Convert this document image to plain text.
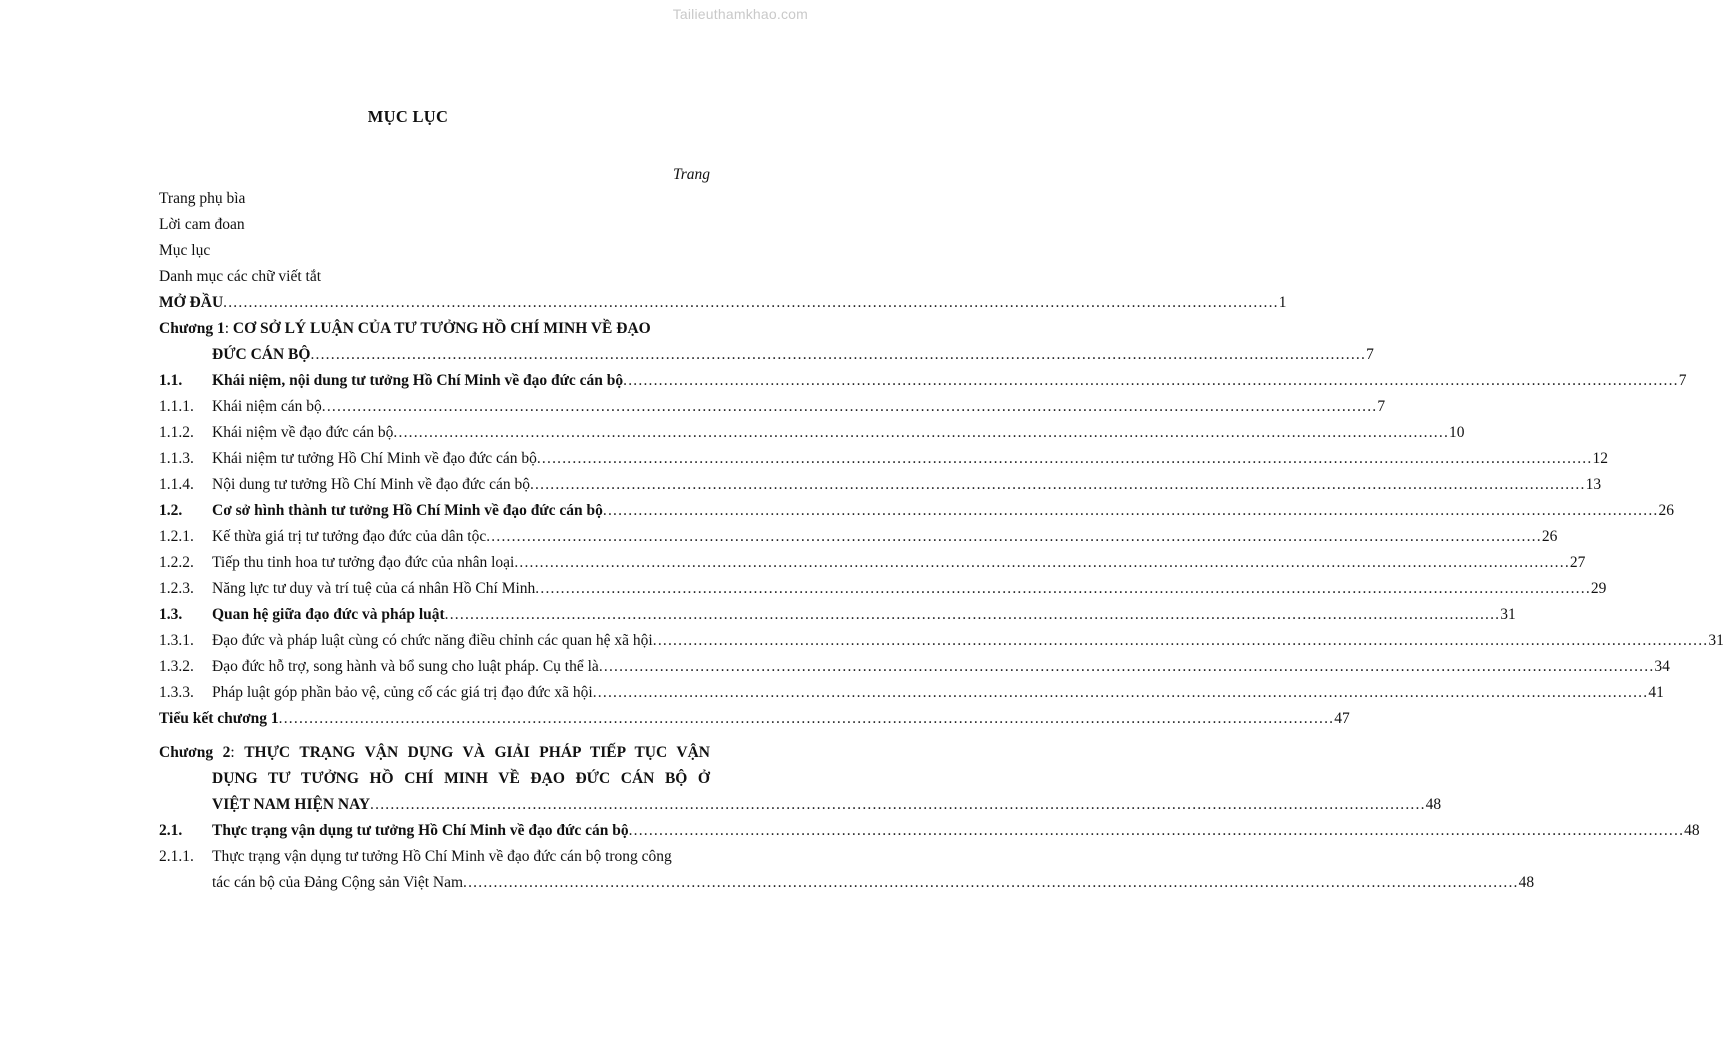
Tailieuthamkhao.com
MỤC LỤC
Trang
Trang phụ bìa
Lời cam đoan
Mục lục
Danh mục các chữ viết tắt
MỞ ĐẦU .....	1
Chương 1: CƠ SỞ LÝ LUẬN CỦA TƯ TƯỞNG HỒ CHÍ MINH VỀ ĐẠO
ĐỨC CÁN BỘ .....	7
1.1.	Khái niệm, nội dung tư tưởng Hồ Chí Minh về đạo đức cán bộ .....	7
1.1.1.	Khái niệm cán bộ .....	7
1.1.2.	Khái niệm về đạo đức cán bộ .....	10
1.1.3.	Khái niệm tư tưởng Hồ Chí Minh về đạo đức cán bộ .....	12
1.1.4.	Nội dung tư tưởng Hồ Chí Minh về đạo đức cán bộ .....	13
1.2.	Cơ sở hình thành tư tưởng Hồ Chí Minh về đạo đức cán bộ .....	26
1.2.1.	Kế thừa giá trị tư tưởng đạo đức của dân tộc .....	26
1.2.2.	Tiếp thu tinh hoa tư tưởng đạo đức của nhân loại .....	27
1.2.3.	Năng lực tư duy và trí tuệ của cá nhân Hồ Chí Minh .....	29
1.3.	Quan hệ giữa đạo đức và pháp luật .....	31
1.3.1.	Đạo đức và pháp luật cùng có chức năng điều chỉnh các quan hệ xã hội .....	31
1.3.2.	Đạo đức hỗ trợ, song hành và bổ sung cho luật pháp. Cụ thể là .....	34
1.3.3.	Pháp luật góp phần bảo vệ, củng cố các giá trị đạo đức xã hội .....	41
Tiểu kết chương 1 .....	47
Chương 2: THỰC TRẠNG VẬN DỤNG VÀ GIẢI PHÁP TIẾP TỤC VẬN
DỤNG TƯ TƯỞNG HỒ CHÍ MINH VỀ ĐẠO ĐỨC CÁN BỘ Ở
VIỆT NAM HIỆN NAY .....	48
2.1.	Thực trạng vận dụng tư tưởng Hồ Chí Minh về đạo đức cán bộ .....	48
2.1.1.	Thực trạng vận dụng tư tưởng Hồ Chí Minh về đạo đức cán bộ trong công
tác cán bộ của Đảng Cộng sản Việt Nam .....	48
